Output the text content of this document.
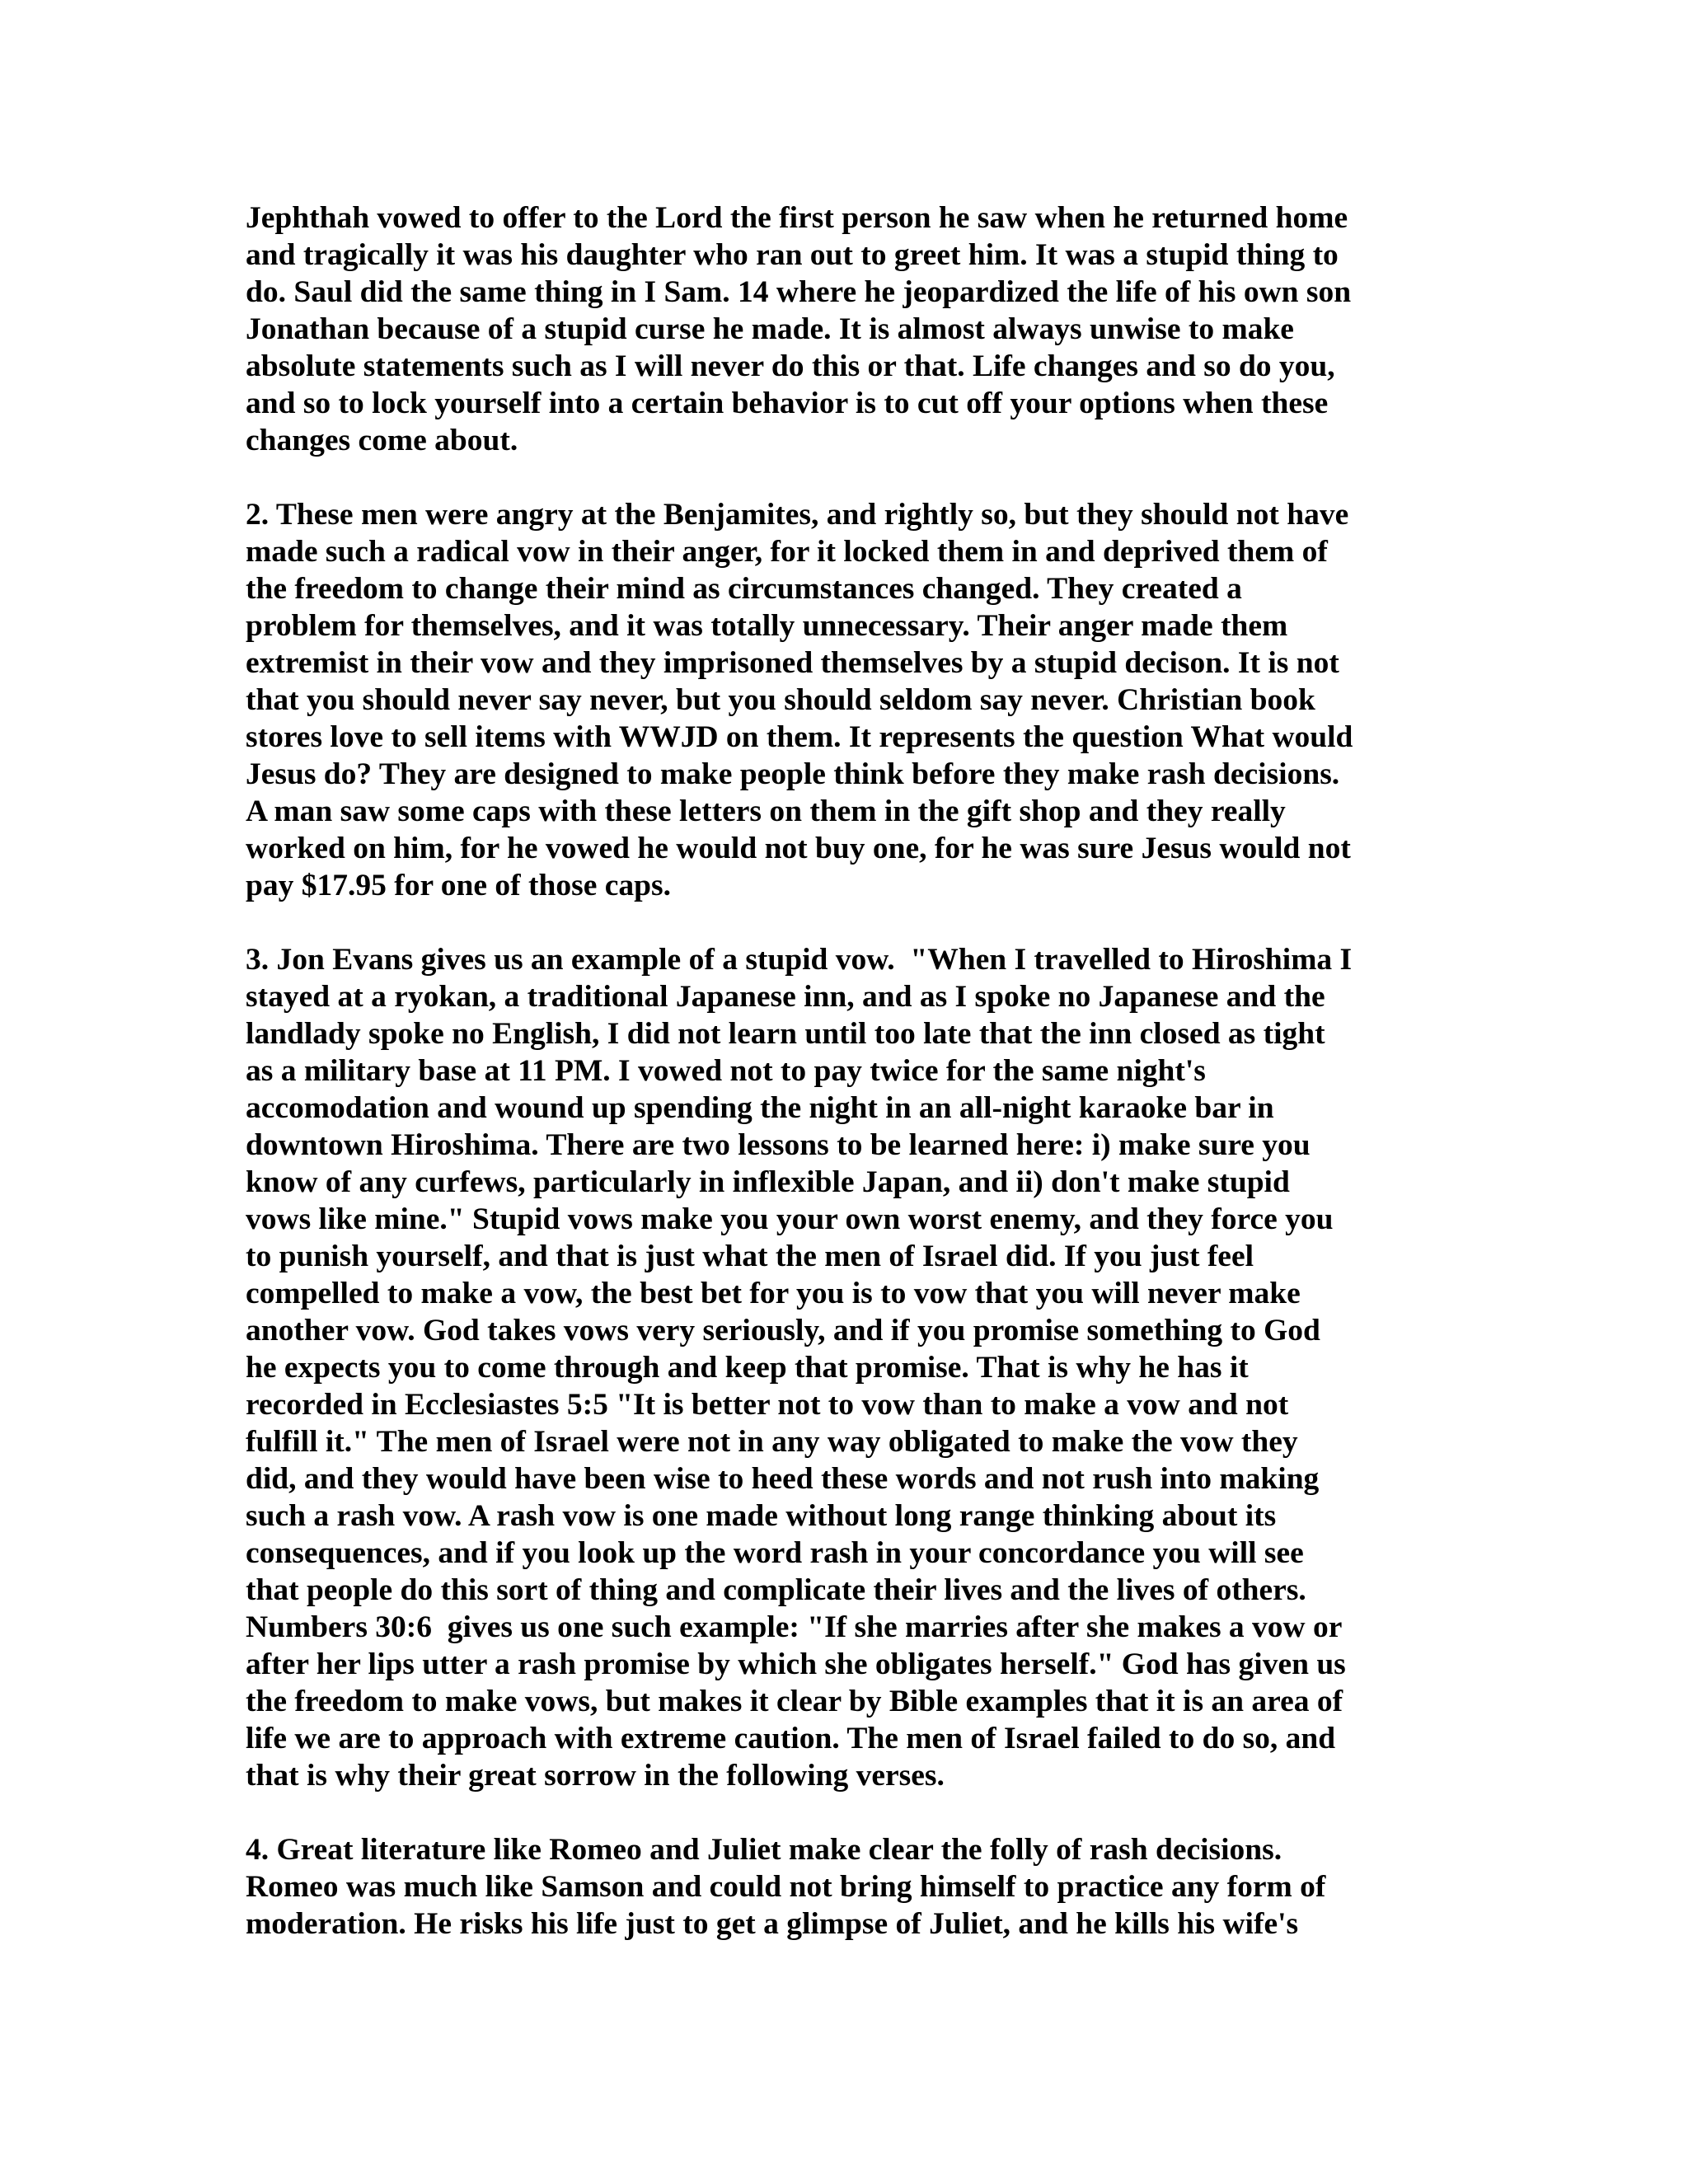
Jephthah vowed to offer to the Lord the first person he saw when he returned home
and tragically it was his daughter who ran out to greet him. It was a stupid thing to
do. Saul did the same thing in I Sam. 14 where he jeopardized the life of his own son
Jonathan because of a stupid curse he made. It is almost always unwise to make
absolute statements such as I will never do this or that. Life changes and so do you,
and so to lock yourself into a certain behavior is to cut off your options when these
changes come about.
2. These men were angry at the Benjamites, and rightly so, but they should not have
made such a radical vow in their anger, for it locked them in and deprived them of
the freedom to change their mind as circumstances changed. They created a
problem for themselves, and it was totally unnecessary. Their anger made them
extremist in their vow and they imprisoned themselves by a stupid decison. It is not
that you should never say never, but you should seldom say never. Christian book
stores love to sell items with WWJD on them. It represents the question What would
Jesus do? They are designed to make people think before they make rash decisions.
A man saw some caps with these letters on them in the gift shop and they really
worked on him, for he vowed he would not buy one, for he was sure Jesus would not
pay $17.95 for one of those caps.
3. Jon Evans gives us an example of a stupid vow.  "When I travelled to Hiroshima I
stayed at a ryokan, a traditional Japanese inn, and as I spoke no Japanese and the
landlady spoke no English, I did not learn until too late that the inn closed as tight
as a military base at 11 PM. I vowed not to pay twice for the same night's
accomodation and wound up spending the night in an all-night karaoke bar in
downtown Hiroshima. There are two lessons to be learned here: i) make sure you
know of any curfews, particularly in inflexible Japan, and ii) don't make stupid
vows like mine." Stupid vows make you your own worst enemy, and they force you
to punish yourself, and that is just what the men of Israel did. If you just feel
compelled to make a vow, the best bet for you is to vow that you will never make
another vow. God takes vows very seriously, and if you promise something to God
he expects you to come through and keep that promise. That is why he has it
recorded in Ecclesiastes 5:5 "It is better not to vow than to make a vow and not
fulfill it." The men of Israel were not in any way obligated to make the vow they
did, and they would have been wise to heed these words and not rush into making
such a rash vow. A rash vow is one made without long range thinking about its
consequences, and if you look up the word rash in your concordance you will see
that people do this sort of thing and complicate their lives and the lives of others.
Numbers 30:6  gives us one such example: "If she marries after she makes a vow or
after her lips utter a rash promise by which she obligates herself." God has given us
the freedom to make vows, but makes it clear by Bible examples that it is an area of
life we are to approach with extreme caution. The men of Israel failed to do so, and
that is why their great sorrow in the following verses.
4. Great literature like Romeo and Juliet make clear the folly of rash decisions.
Romeo was much like Samson and could not bring himself to practice any form of
moderation. He risks his life just to get a glimpse of Juliet, and he kills his wife's
